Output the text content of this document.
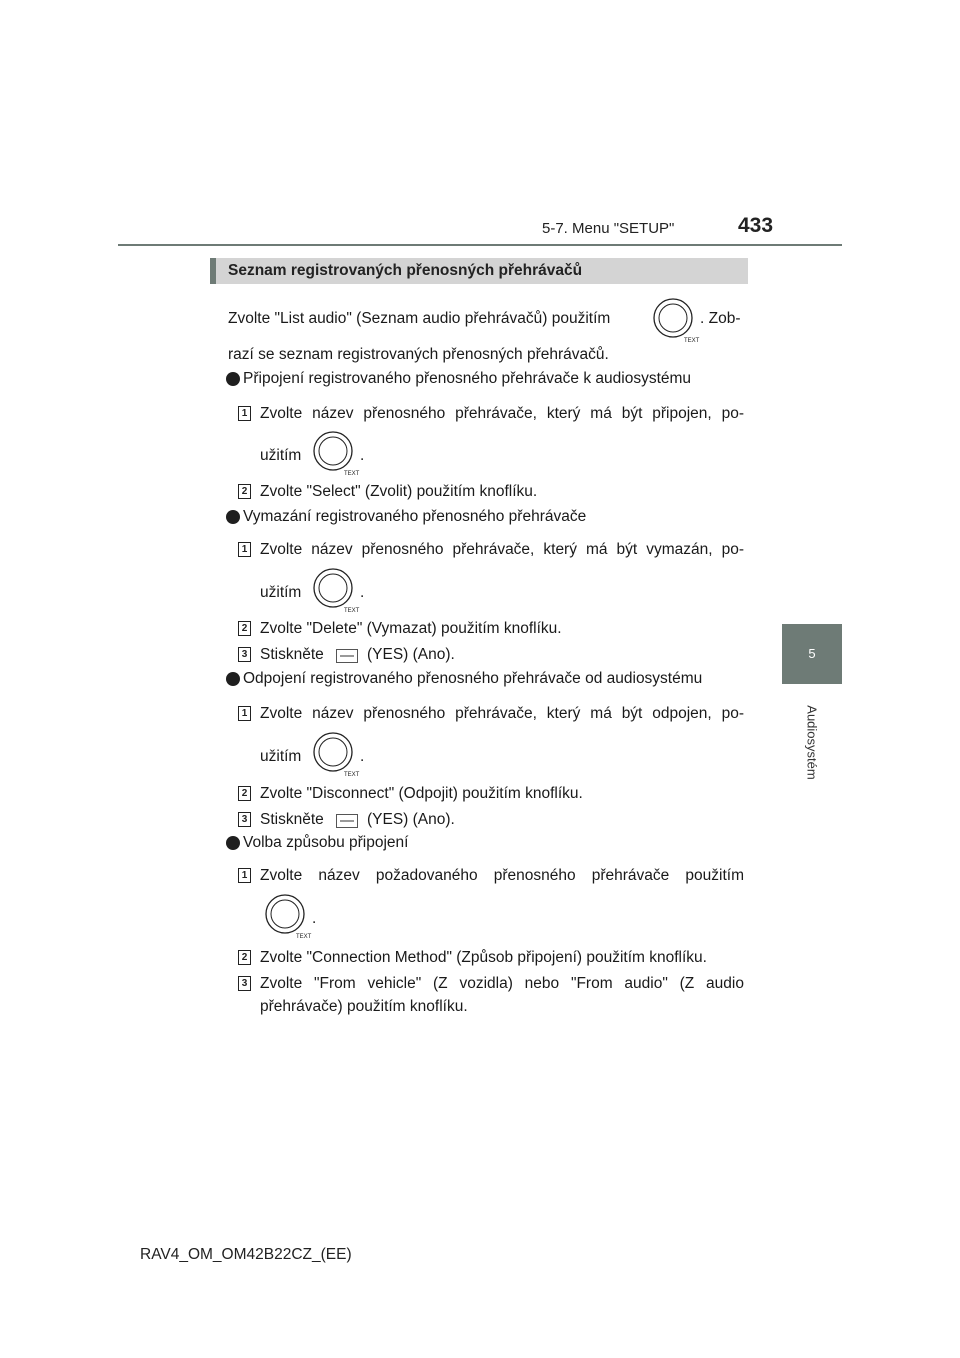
5-7. Menu "SETUP"	433
5
Audiosystém
Seznam registrovaných přenosných přehrávačů
Zvolte "List audio" (Seznam audio přehrávačů) použitím
TEXT
. Zob-
razí se seznam registrovaných přenosných přehrávačů.
Připojení registrovaného přenosného přehrávače k audiosystému
1 Zvolte název přenosného přehrávače, který má být připojen, po-
užitím
TEXT
.
2 Zvolte "Select" (Zvolit) použitím knoflíku.
Vymazání registrovaného přenosného přehrávače
1 Zvolte název přenosného přehrávače, který má být vymazán, po-
užitím
TEXT
.
2 Zvolte "Delete" (Vymazat) použitím knoflíku.
3 Stiskněte	(YES) (Ano).
Odpojení registrovaného přenosného přehrávače od audiosystému
1 Zvolte název přenosného přehrávače, který má být odpojen, po-
užitím
TEXT
.
2 Zvolte "Disconnect" (Odpojit) použitím knoflíku.
3 Stiskněte	(YES) (Ano).
Volba způsobu připojení
1 Zvolte název požadovaného přenosného přehrávače použitím
TEXT
.
2 Zvolte "Connection Method" (Způsob připojení) použitím knoflíku.
3 Zvolte "From vehicle" (Z vozidla) nebo "From audio" (Z audio
přehrávače) použitím knoflíku.
RAV4_OM_OM42B22CZ_(EE)
